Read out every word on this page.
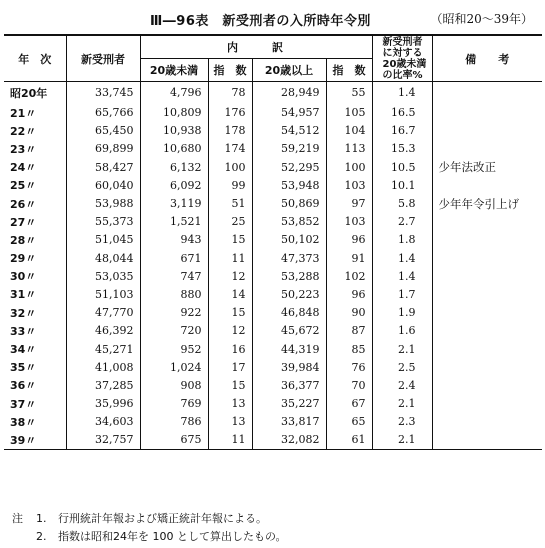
Ⅲ―96表　新受刑者の入所時年令別	（昭和20～39年）
年　次	新受刑者	内		訳		新受刑者
に対する
20歳未満
の比率%	備　　考
		20歳未満	指　数	20歳以上	指　数		
昭20年	33,745	4,796	78	28,949	55	1.4	
21〃	65,766	10,809	176	54,957	105	16.5	
22〃	65,450	10,938	178	54,512	104	16.7	
23〃	69,899	10,680	174	59,219	113	15.3	
24〃	58,427	6,132	100	52,295	100	10.5	少年法改正
25〃	60,040	6,092	99	53,948	103	10.1	
26〃	53,988	3,119	51	50,869	97	5.8	少年年令引上げ
27〃	55,373	1,521	25	53,852	103	2.7	
28〃	51,045	943	15	50,102	96	1.8	
29〃	48,044	671	11	47,373	91	1.4	
30〃	53,035	747	12	53,288	102	1.4	
31〃	51,103	880	14	50,223	96	1.7	
32〃	47,770	922	15	46,848	90	1.9	
33〃	46,392	720	12	45,672	87	1.6	
34〃	45,271	952	16	44,319	85	2.1	
35〃	41,008	1,024	17	39,984	76	2.5	
36〃	37,285	908	15	36,377	70	2.4	
37〃	35,996	769	13	35,227	67	2.1	
38〃	34,603	786	13	33,817	65	2.3	
39〃	32,757	675	11	32,082	61	2.1	
注 1. 行刑統計年報および矯正統計年報による。
2. 指数は昭和24年を 100 として算出したもの。
